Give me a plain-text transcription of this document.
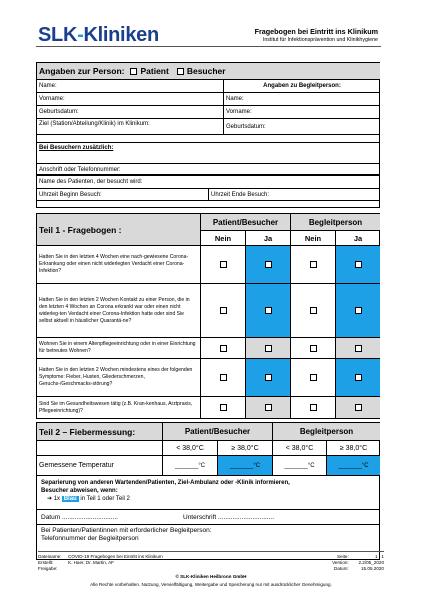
SLK-Kliniken	Fragebogen bei Eintritt ins Klinikum
Institut für Infektionsprävention und Klinikhygiene
Angaben zur Person: Patient Besucher
Name:	Angaben zu Begleitperson:
Vorname:	Name:
Geburtsdatum:	Vorname:
Ziel (Station/Abteilung/Klinik) im Klinikum:	Geburtsdatum:
Bei Besuchern zusätzlich:
Anschrift oder Telefonnummer:
Name des Patienten, der besucht wird:
Uhrzeit Beginn Besuch:	Uhrzeit Ende Besuch:
Teil 1 - Fragebogen :
Patient/Besucher	Begleitperson
Nein	Ja	Nein	Ja
Hatten Sie in den letzten 4 Wochen eine nach-gewiesene Corona-Erkrankung oder einen nicht widerlegten Verdacht einer Corona-Infektion?
Hatten Sie in den letzten 2 Wochen Kontakt zu einer Person, die in den letzten 4 Wochen an Corona erkrankt war oder einen nicht widerleg-ten Verdacht einer Corona-Infektion hatte oder sind Sie selbst aktuell in häuslicher Quarantä-ne?
Wohnen Sie in einem Altenpflegeeinrichtung oder in einer Einrichtung für betreutes Wohnen?
Hatten Sie in den letzten 2 Wochen mindestens eines der folgenden Symptome: Fieber, Husten, Gliederschmerzen, Geruchs-/Geschmacks-störung?
Sind Sie im Gesundheitswesen tätig (z.B. Kran-kenhaus, Arztpraxis, Pflegeeinrichtung)?
Teil 2 – Fiebermessung:	Patient/Besucher	Begleitperson
< 38,0°C	≥ 38,0°C	< 38,0°C	≥ 38,0°C
Gemessene Temperatur	_______ °C	_______ °C	_______ °C	_______ °C
Separierung von anderen Wartenden/Patienten, Ziel-Ambulanz oder -Klinik informieren,
Besucher abweisen, wenn:
➜ 1x Blau in Teil 1 oder Teil 2
Datum ...............................	Unterschrift ...............................
Bei Patienten/Patientinnen mit erforderlicher Begleitperson:
Telefonnummer der Begleitperson
Dateiname: COVID-19 Fragebogen bei Eintritt ins Klinikum
Erstellt:	K. Haer, Dr. Martin, AF
Freigabe:
Seite:	1 / 1
Version: 2.2/05_2020
Datum:	15.05.2020
© SLK-Kliniken Heilbronn GmbH
Alle Rechte vorbehalten. Nutzung, Vervielfältigung, Weitergabe und Speicherung nur mit ausdrücklicher Genehmigung.
